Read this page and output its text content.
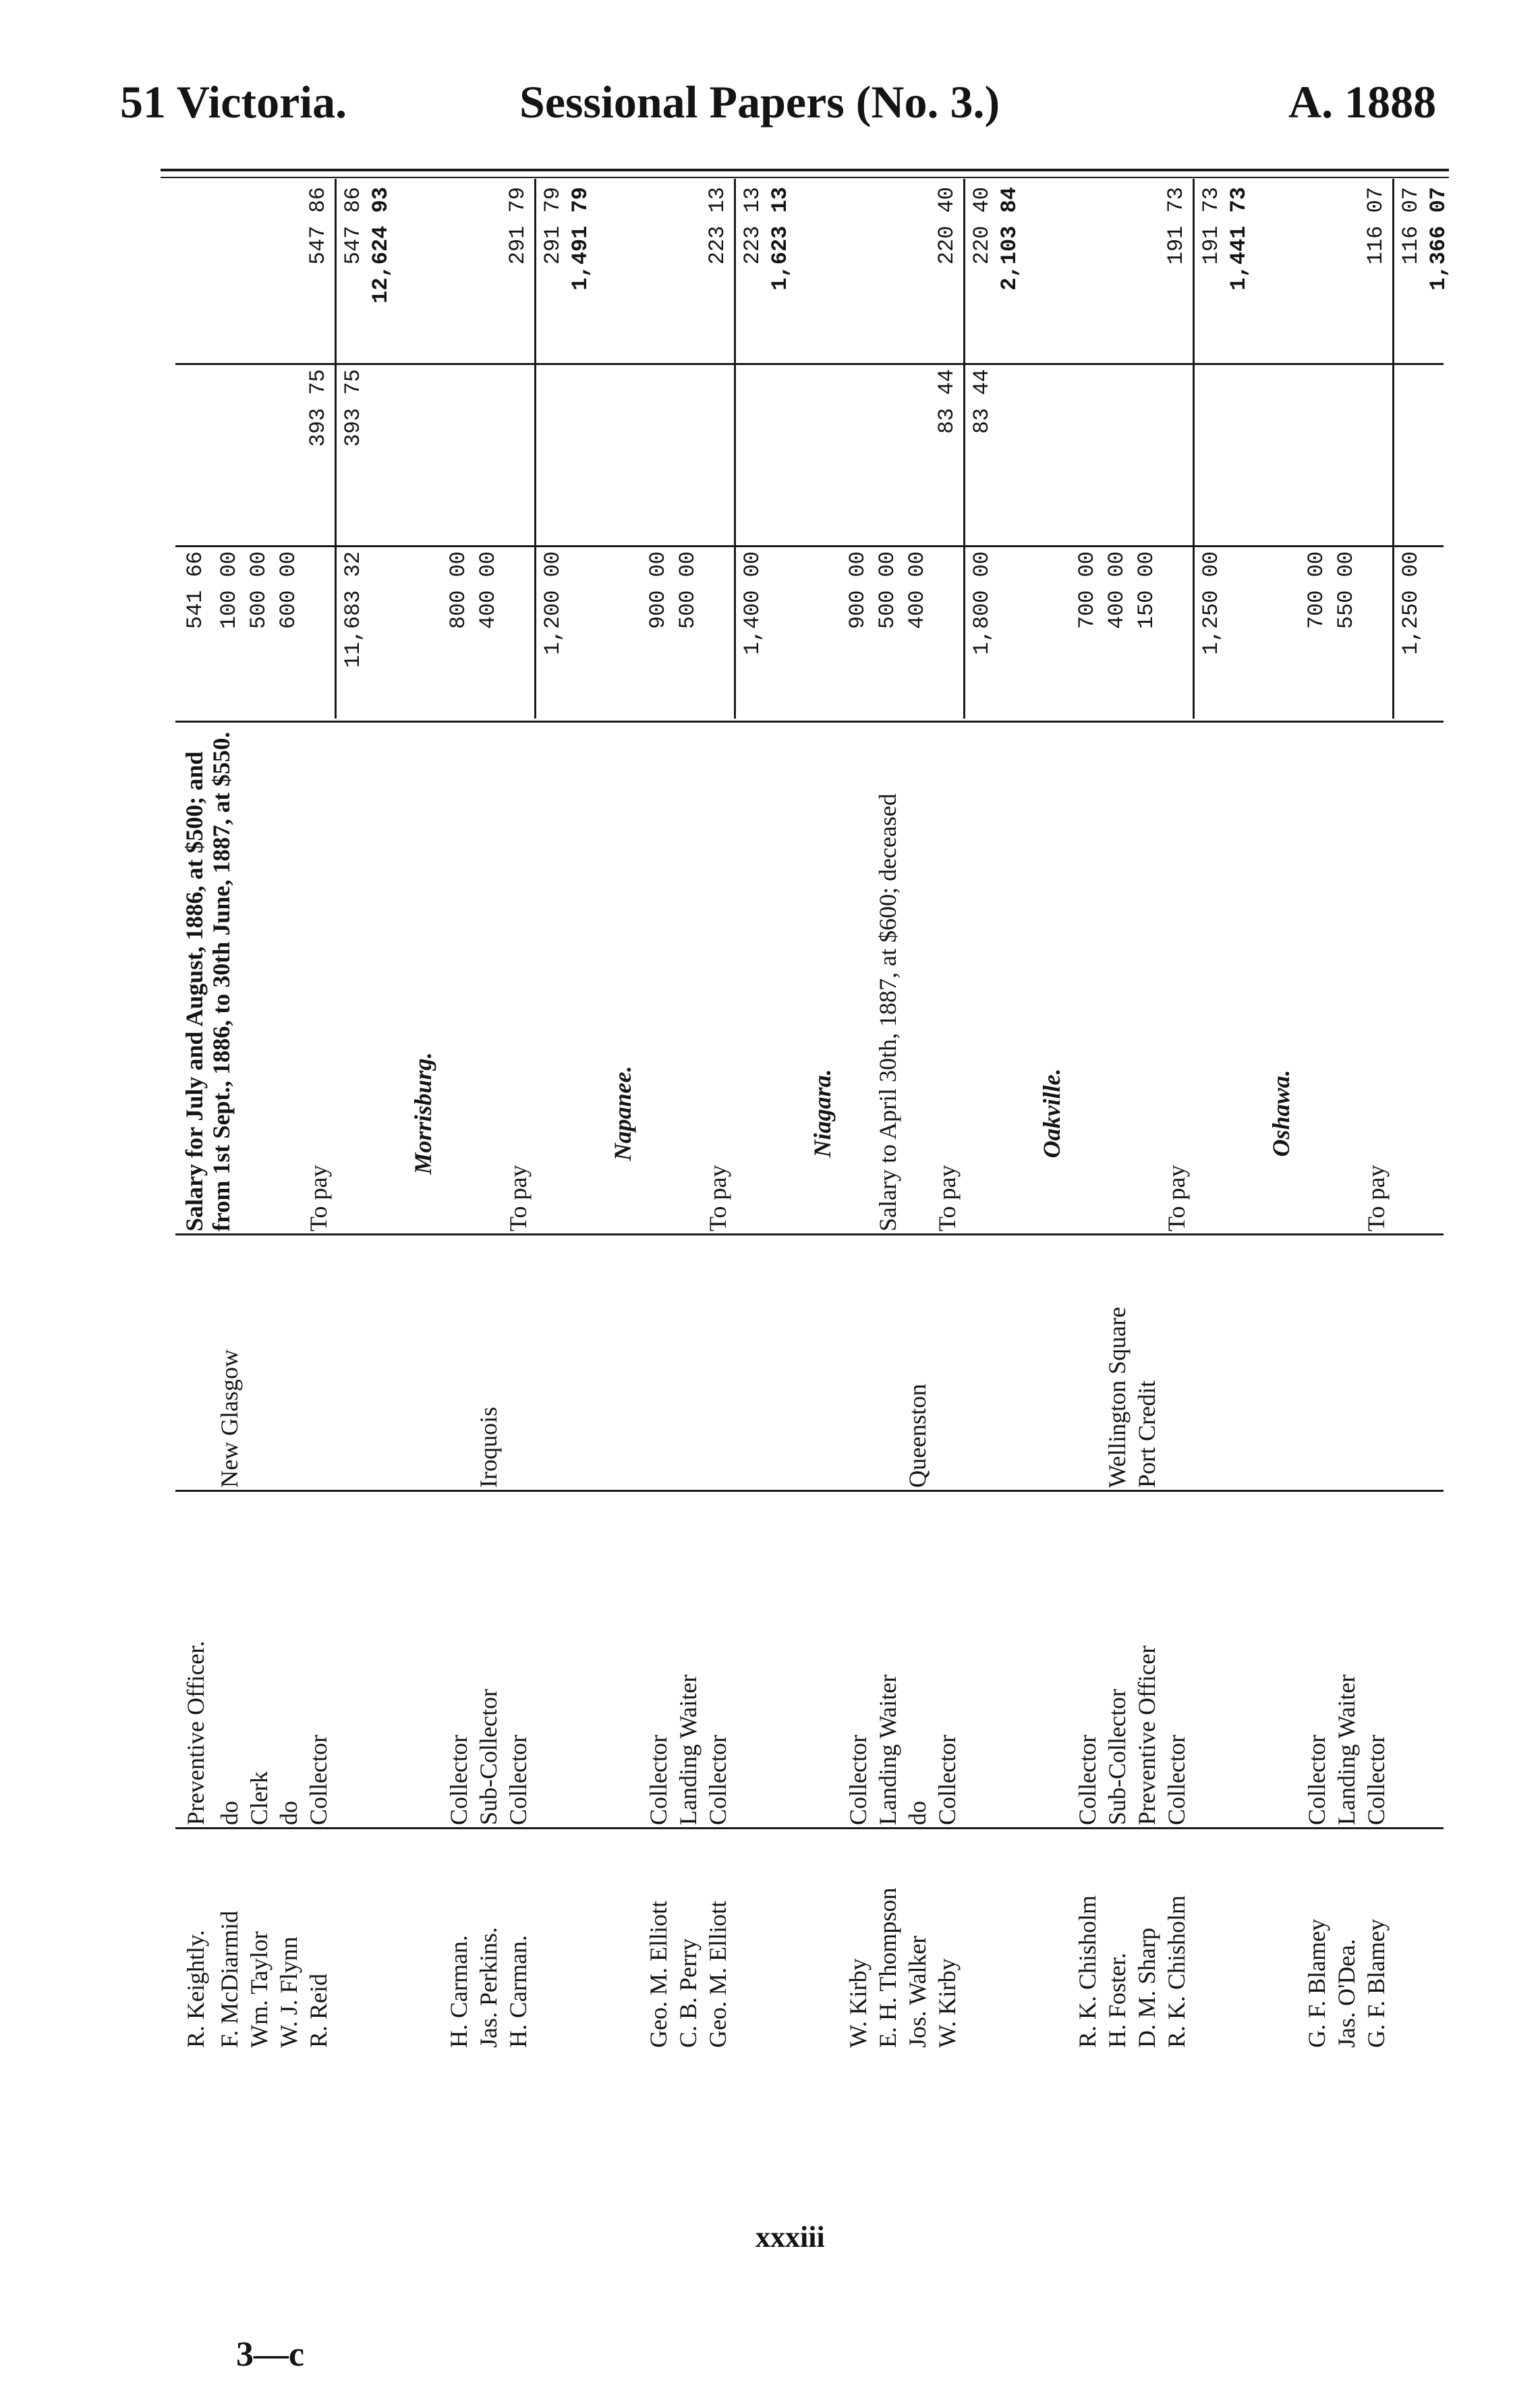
51 Victoria.	Sessional Papers (No. 3.)	A. 1888
R. Keightly.
Preventive Officer.
Salary for July and August, 1886, at $500; and from 1st Sept., 1886, to 30th June, 1887, at $550.
541 66
F. McDiarmid
do
New Glasgow
100 00
Wm. Taylor
Clerk
500 00
W. J. Flynn
do
600 00
R. Reid
Collector
To pay
393 75
547 86
11,683 32
393 75
547 86 12,624 93
Morrisburg.
H. Carman.
Collector
800 00
Jas. Perkins.
Sub-Collector
Iroquois
400 00
H. Carman.
Collector
To pay
291 79
1,200 00
291 79 1,491 79
Napanee.
Geo. M. Elliott
Collector
900 00
C. B. Perry
Landing Waiter
500 00
Geo. M. Elliott
Collector
To pay
223 13
1,400 00
223 13 1,623 13
Niagara.
W. Kirby
Collector
900 00
E. H. Thompson
Landing Waiter
Salary to April 30th, 1887, at $600; deceased
500 00
Jos. Walker
do
Queenston
400 00
W. Kirby
Collector
To pay
83 44
220 40
1,800 00
83 44
220 40 2,103 84
Oakville.
R. K. Chisholm
Collector
700 00
H. Foster.
Sub-Collector
Wellington Square
400 00
D. M. Sharp
Preventive Officer
Port Credit
150 00
R. K. Chisholm
Collector
To pay
191 73
1,250 00
191 73 1,441 73
Oshawa.
G. F. Blamey
Collector
700 00
Jas. O'Dea.
Landing Waiter
550 00
G. F. Blamey
Collector
To pay
116 07
1,250 00
116 07 1,366 07
xxxiii
3—c
